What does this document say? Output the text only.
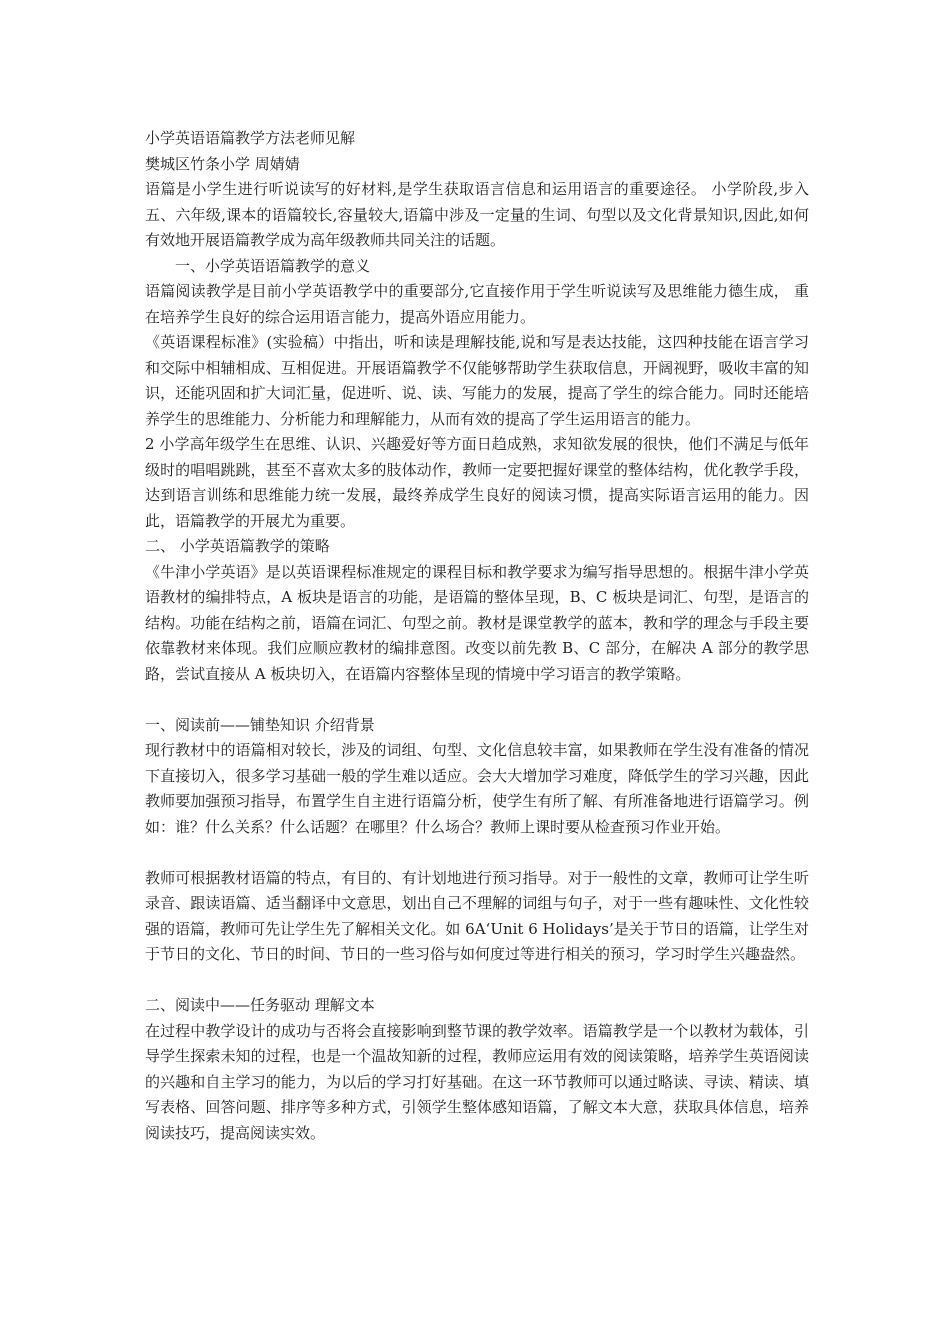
小学英语语篇教学方法老师见解

樊城区竹条小学 周婧婧

语篇是小学生进行听说读写的好材料,是学生获取语言信息和运用语言的重要途径。 小学阶段,步入五、六年级,课本的语篇较长,容量较大,语篇中涉及一定量的生词、句型以及文化背景知识,因此,如何有效地开展语篇教学成为高年级教师共同关注的话题。

一、小学英语语篇教学的意义

语篇阅读教学是目前小学英语教学中的重要部分,它直接作用于学生听说读写及思维能力德生成， 重在培养学生良好的综合运用语言能力，提高外语应用能力。

《英语课程标准》(实验稿）中指出，听和读是理解技能,说和写是表达技能，这四种技能在语言学习和交际中相辅相成、互相促进。开展语篇教学不仅能够帮助学生获取信息，开阔视野，吸收丰富的知识，还能巩固和扩大词汇量，促进听、说、读、写能力的发展，提高了学生的综合能力。同时还能培养学生的思维能力、分析能力和理解能力，从而有效的提高了学生运用语言的能力。

2 小学高年级学生在思维、认识、兴趣爱好等方面日趋成熟，求知欲发展的很快，他们不满足与低年级时的唱唱跳跳，甚至不喜欢太多的肢体动作，教师一定要把握好课堂的整体结构，优化教学手段，达到语言训练和思维能力统一发展，最终养成学生良好的阅读习惯，提高实际语言运用的能力。因此，语篇教学的开展尤为重要。

二、 小学英语篇教学的策略

《牛津小学英语》是以英语课程标准规定的课程目标和教学要求为编写指导思想的。根据牛津小学英语教材的编排特点，A 板块是语言的功能，是语篇的整体呈现，B、C 板块是词汇、句型，是语言的结构。功能在结构之前，语篇在词汇、句型之前。教材是课堂教学的蓝本，教和学的理念与手段主要依靠教材来体现。我们应顺应教材的编排意图。改变以前先教 B、C 部分，在解决 A 部分的教学思路，尝试直接从 A 板块切入，在语篇内容整体呈现的情境中学习语言的教学策略。

一、阅读前——铺垫知识 介绍背景

现行教材中的语篇相对较长，涉及的词组、句型、文化信息较丰富，如果教师在学生没有准备的情况下直接切入，很多学习基础一般的学生难以适应。会大大增加学习难度，降低学生的学习兴趣，因此教师要加强预习指导，布置学生自主进行语篇分析，使学生有所了解、有所准备地进行语篇学习。例如：谁？什么关系？什么话题？在哪里？什么场合？教师上课时要从检查预习作业开始。

教师可根据教材语篇的特点，有目的、有计划地进行预习指导。对于一般性的文章，教师可让学生听录音、跟读语篇、适当翻译中文意思，划出自己不理解的词组与句子，对于一些有趣味性、文化性较强的语篇，教师可先让学生先了解相关文化。如 6A‘Unit 6 Holidays’是关于节日的语篇，让学生对于节日的文化、节日的时间、节日的一些习俗与如何度过等进行相关的预习，学习时学生兴趣盎然。

二、阅读中——任务驱动 理解文本

在过程中教学设计的成功与否将会直接影响到整节课的教学效率。语篇教学是一个以教材为载体，引导学生探索未知的过程，也是一个温故知新的过程，教师应运用有效的阅读策略，培养学生英语阅读的兴趣和自主学习的能力，为以后的学习打好基础。在这一环节教师可以通过略读、寻读、精读、填写表格、回答问题、排序等多种方式，引领学生整体感知语篇，了解文本大意，获取具体信息，培养阅读技巧，提高阅读实效。
